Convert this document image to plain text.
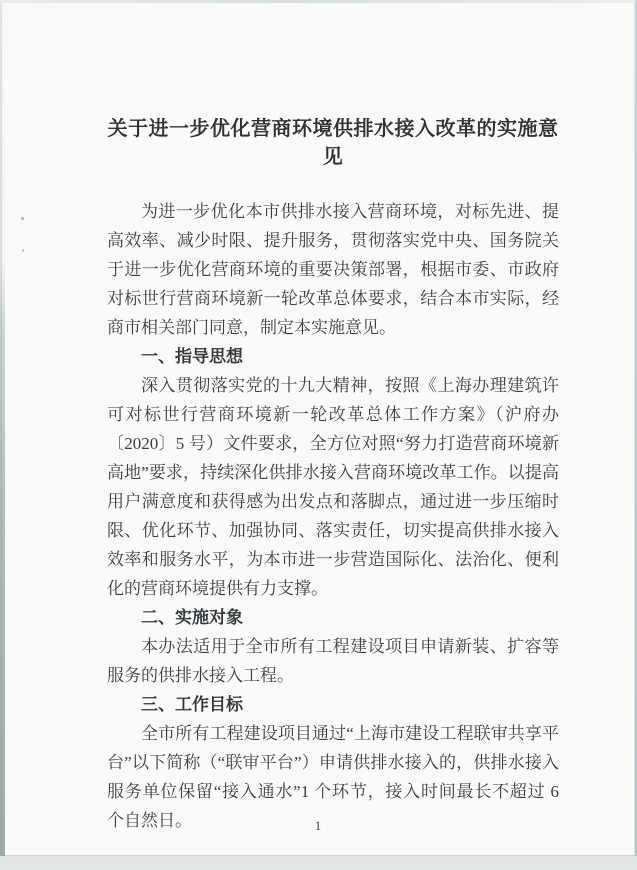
关于进一步优化营商环境供排水接入改革的实施意见

为进一步优化本市供排水接入营商环境，对标先进、提高效率、减少时限、提升服务，贯彻落实党中央、国务院关于进一步优化营商环境的重要决策部署，根据市委、市政府对标世行营商环境新一轮改革总体要求，结合本市实际，经商市相关部门同意，制定本实施意见。

一、指导思想

深入贯彻落实党的十九大精神，按照《上海办理建筑许可对标世行营商环境新一轮改革总体工作方案》（沪府办〔2020〕5 号）文件要求，全方位对照“努力打造营商环境新高地”要求，持续深化供排水接入营商环境改革工作。以提高用户满意度和获得感为出发点和落脚点，通过进一步压缩时限、优化环节、加强协同、落实责任，切实提高供排水接入效率和服务水平，为本市进一步营造国际化、法治化、便利化的营商环境提供有力支撑。

二、实施对象

本办法适用于全市所有工程建设项目申请新装、扩容等服务的供排水接入工程。

三、工作目标

全市所有工程建设项目通过“上海市建设工程联审共享平台”以下简称（“联审平台”）申请供排水接入的，供排水接入服务单位保留“接入通水”1 个环节，接入时间最长不超过 6 个自然日。	1
